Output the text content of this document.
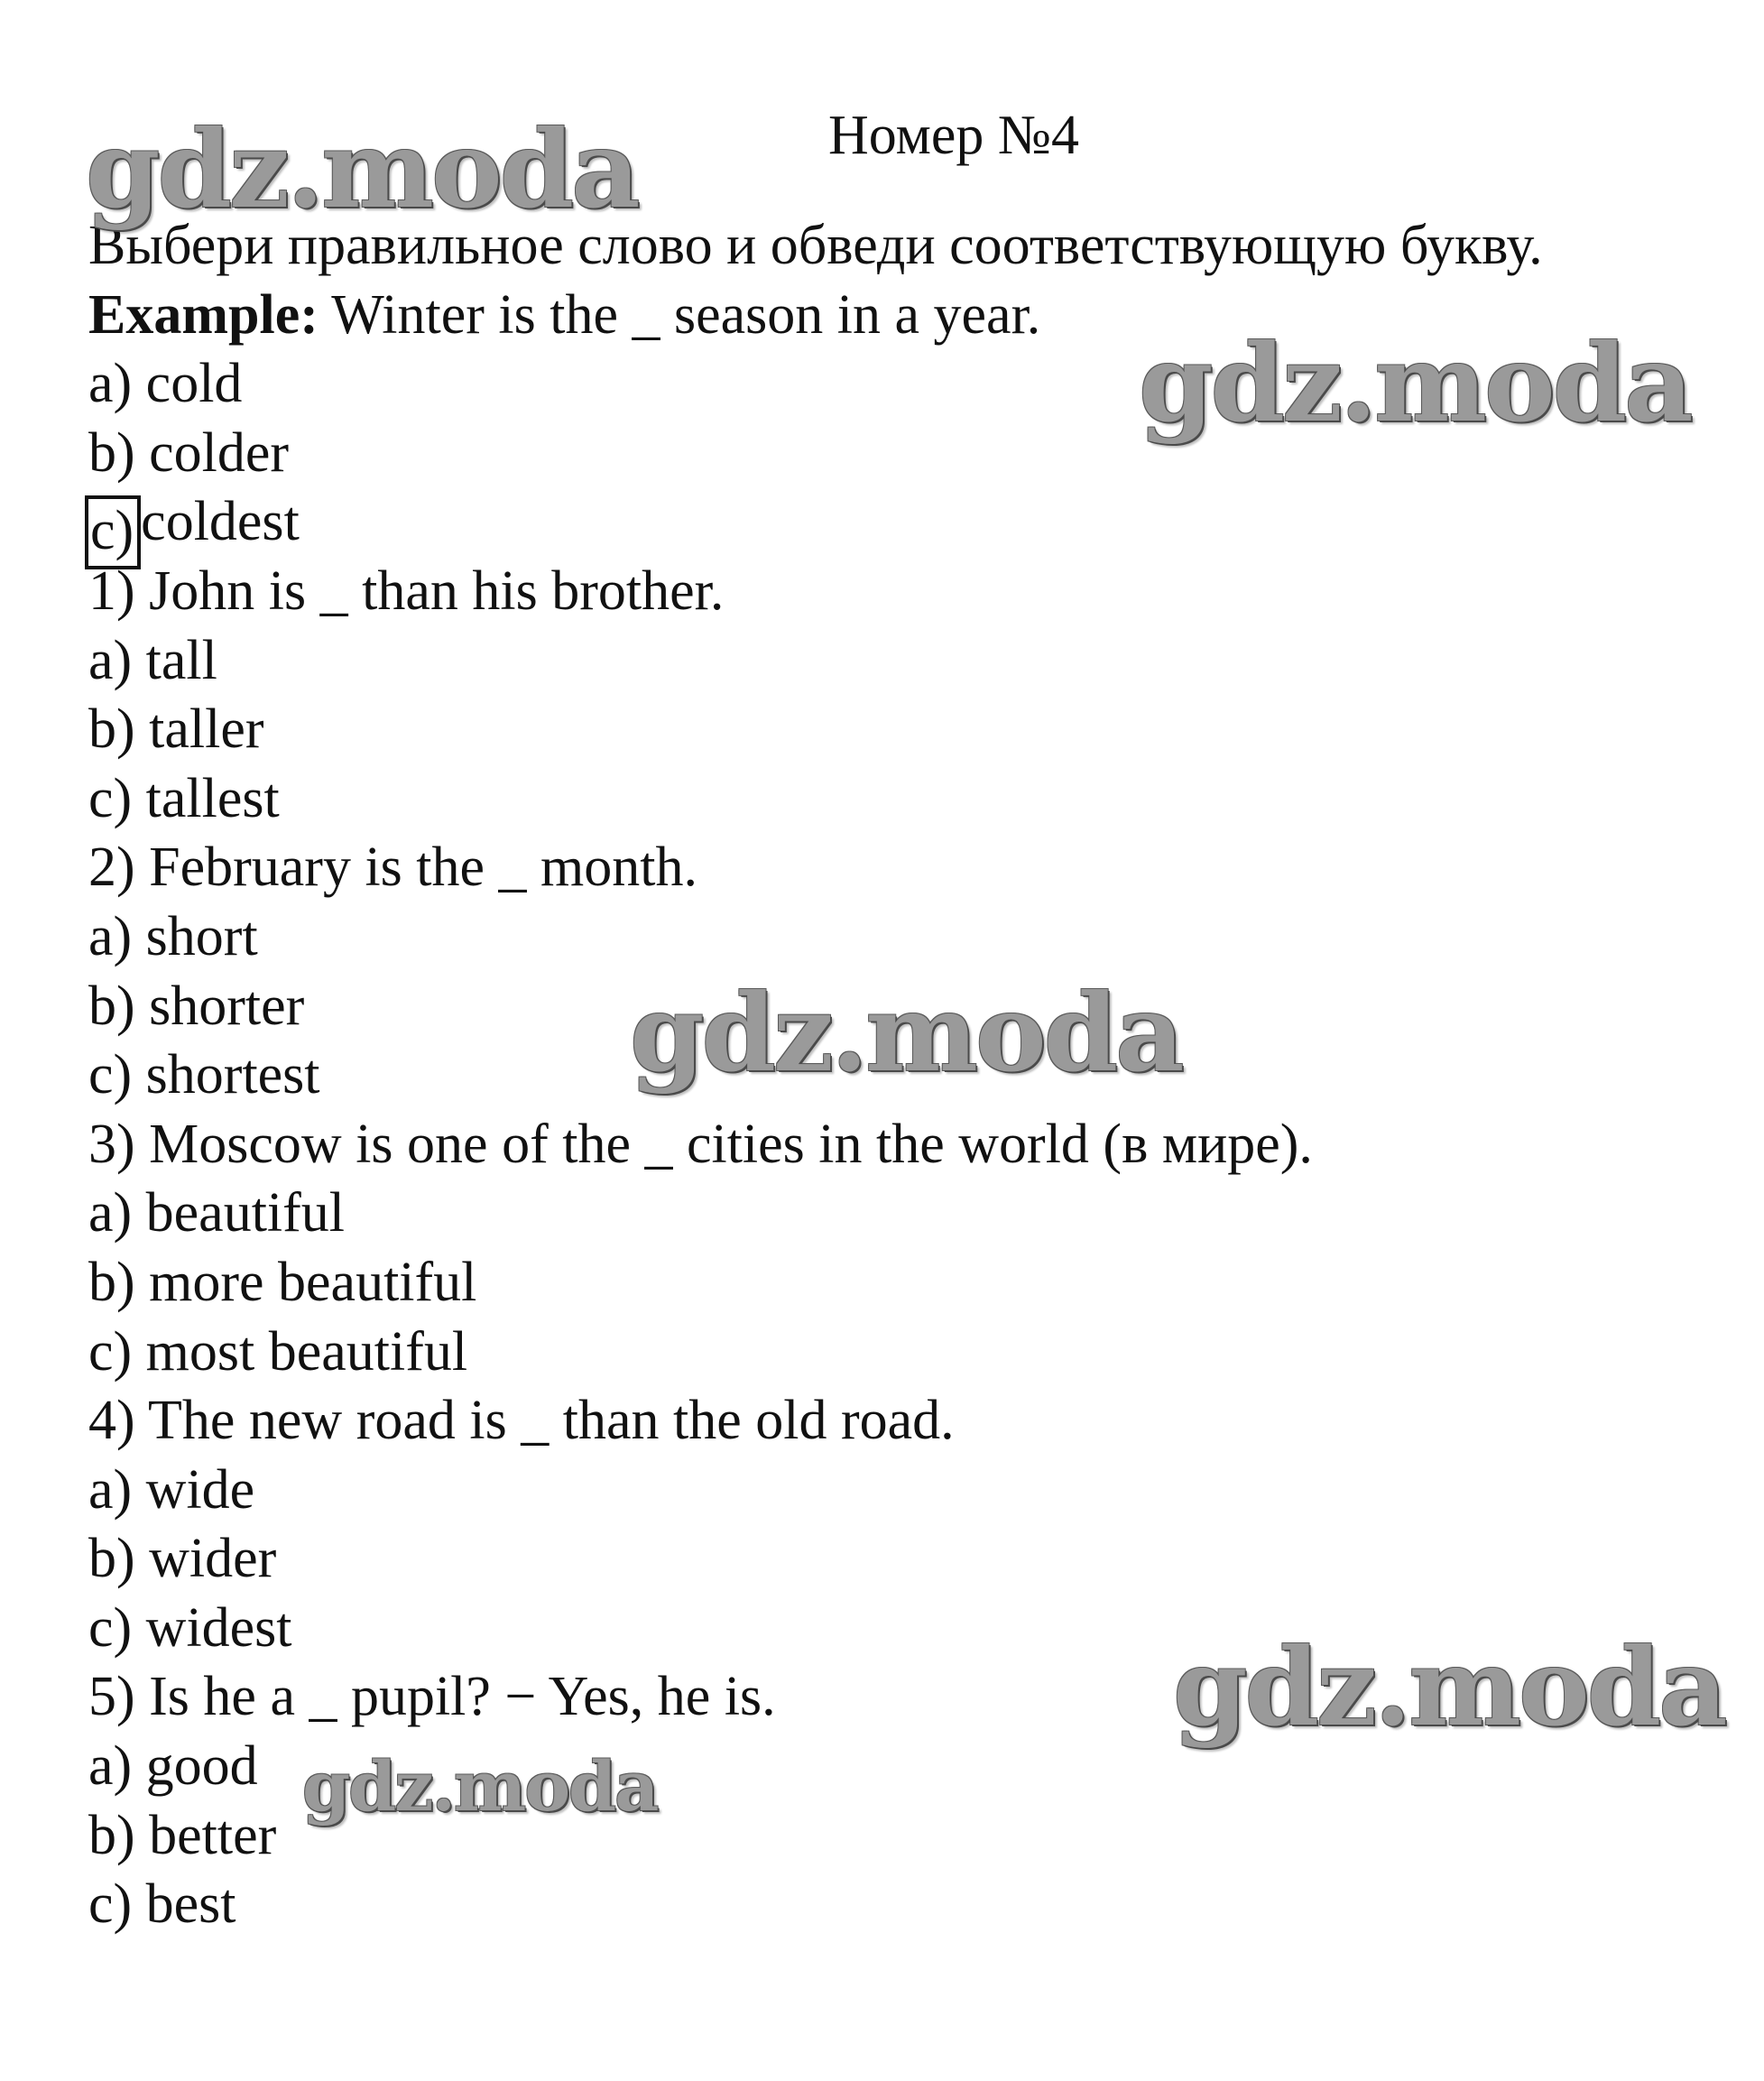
Номер №4
Выбери правильное слово и обведи соответствующую букву.
Example: Winter is the _ season in a year.
a) cold
b) colder
c) coldest
1) John is _ than his brother.
a) tall
b) taller
c) tallest
2) February is the _ month.
a) short
b) shorter
c) shortest
3) Moscow is one of the _ cities in the world (в мире).
a) beautiful
b) more beautiful
c) most beautiful
4) The new road is _ than the old road.
a) wide
b) wider
c) widest
5) Is he a _ pupil? − Yes, he is.
a) good
b) better
c) best
gdz.moda
gdz.moda
gdz.moda
gdz.moda
gdz.moda
